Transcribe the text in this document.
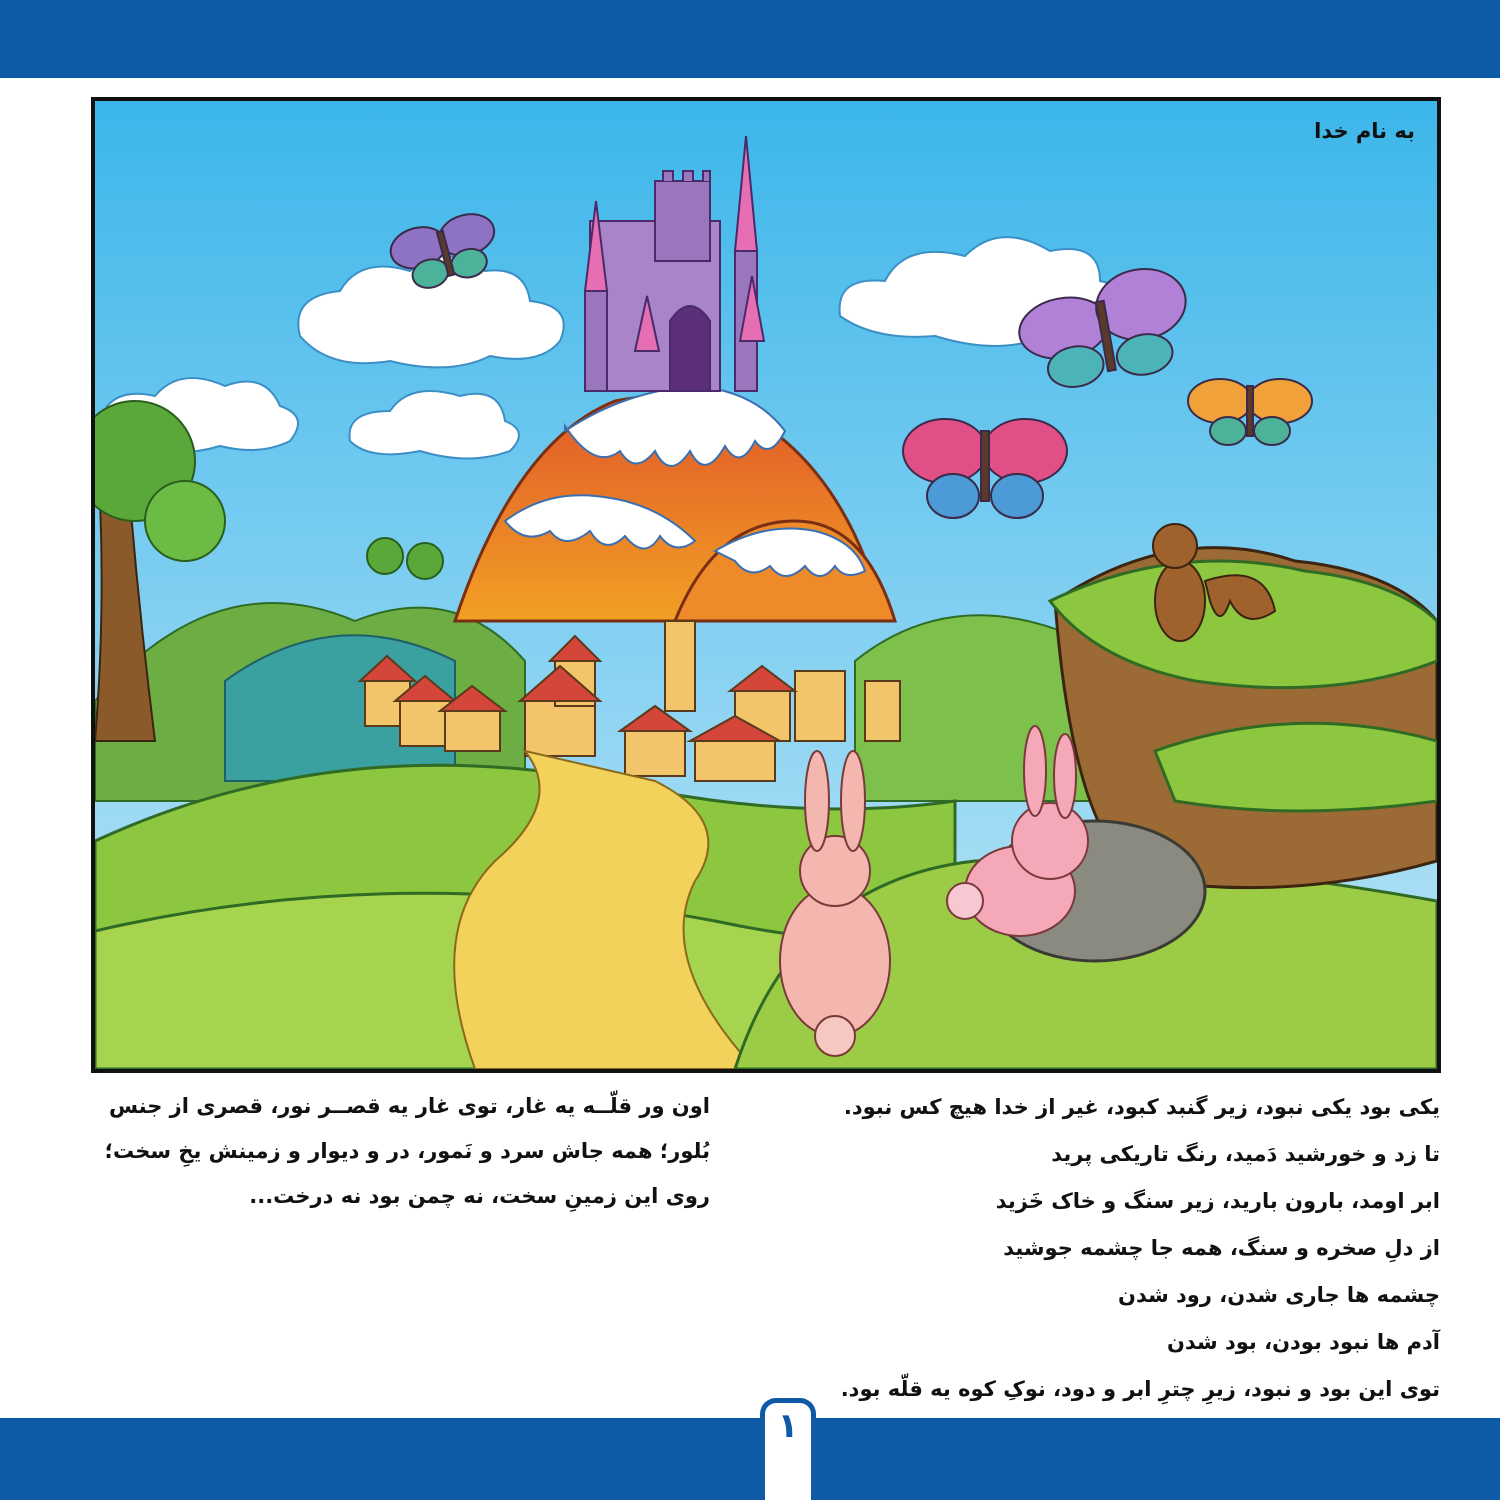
به نام خدا

یکی بود یکی نبود، زیر گنبد کبود، غیر از خدا هیچ کس نبود.

تا زد و خورشید دَمید، رنگ تاریکی پرید

ابر اومد، بارون بارید، زیر سنگ و خاک خَزید

از دلِ صخره و سنگ، همه جا چشمه جوشید

چشمه ها جاری شدن، رود شدن

آدم ها نبود بودن، بود شدن

توی این بود و نبود، زیرِ چترِ ابر و دود، نوکِ کوه یه قلّه بود.

اون ور قلّــه یه غار، توی غار یه قصــر نور، قصری از جنس بُلور؛ همه جاش سرد و نَمور، در و دیوار و زمینش یخِ سخت؛ روی این زمینِ سخت، نه چمن بود نه درخت...

۱
